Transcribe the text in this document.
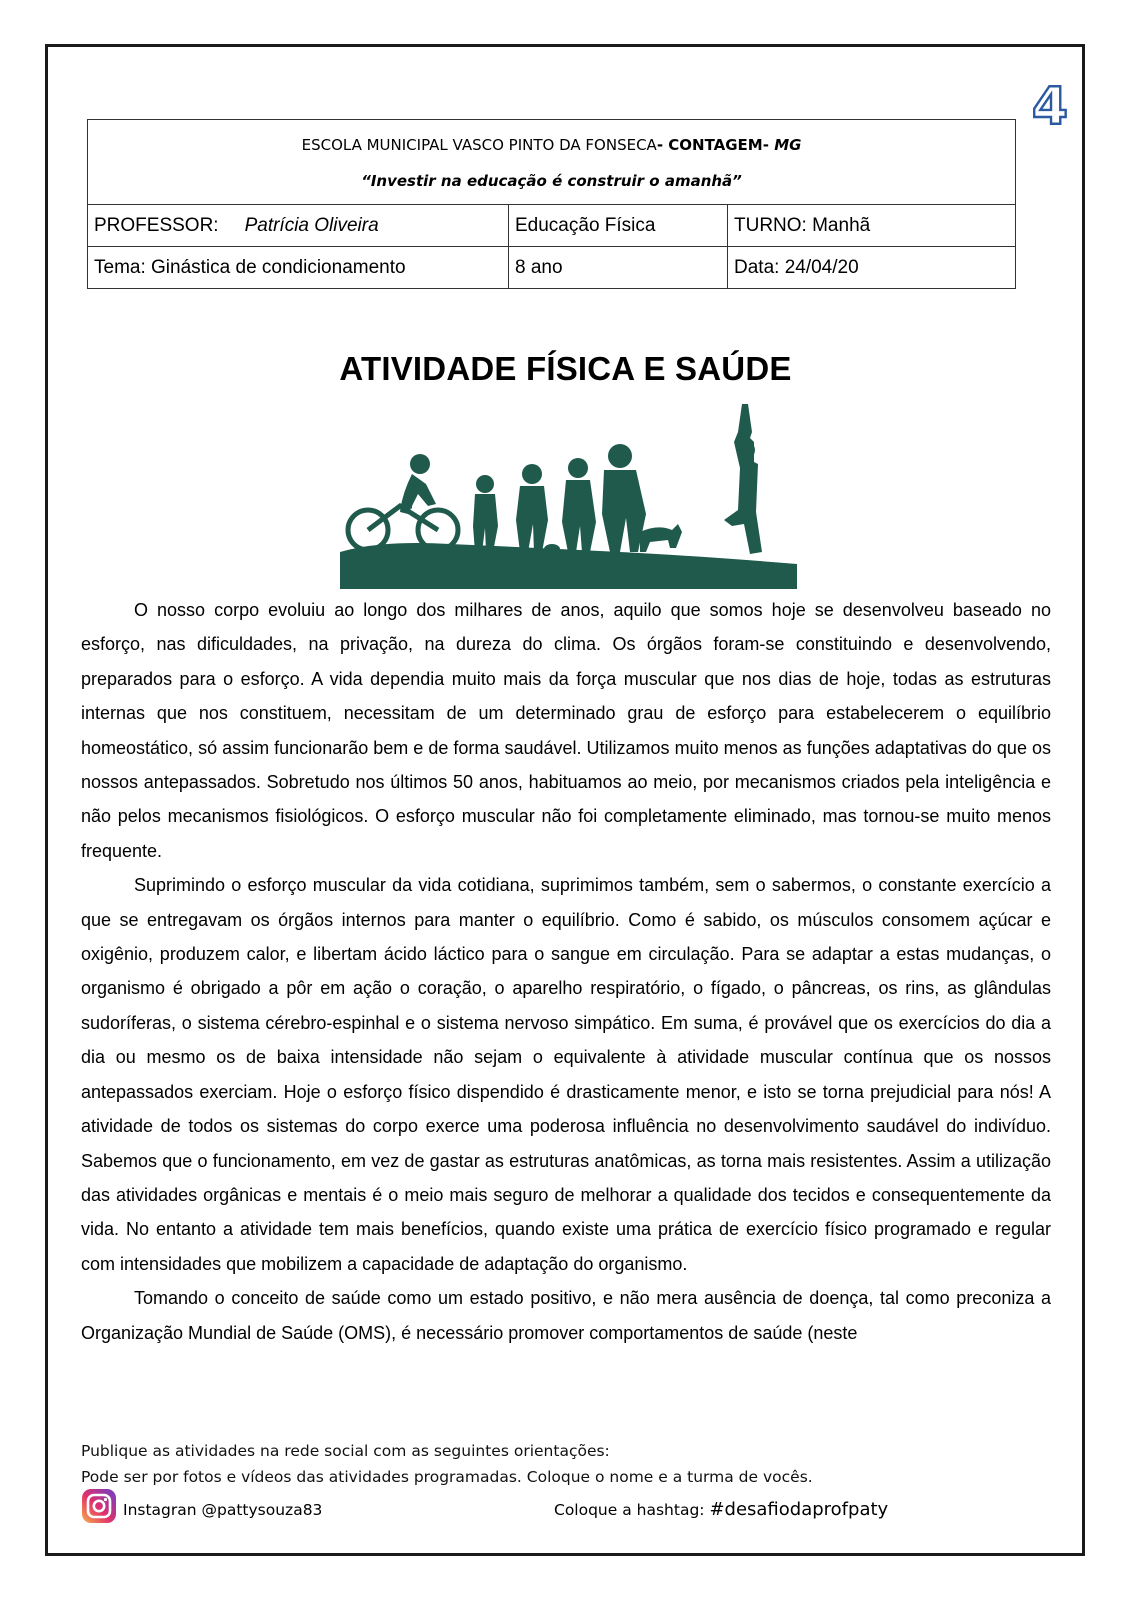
4
ESCOLA MUNICIPAL VASCO PINTO DA FONSECA- CONTAGEM- MG
“Investir na educação é construir o amanhã”		

PROFESSOR: Patrícia Oliveira	Educação Física	TURNO: Manhã
Tema: Ginástica de condicionamento	8 ano	Data: 24/04/20
ATIVIDADE FÍSICA E SAÚDE

O nosso corpo evoluiu ao longo dos milhares de anos, aquilo que somos hoje se desenvolveu baseado no esforço, nas dificuldades, na privação, na dureza do clima. Os órgãos foram-se constituindo e desenvolvendo, preparados para o esforço. A vida dependia muito mais da força muscular que nos dias de hoje, todas as estruturas internas que nos constituem, necessitam de um determinado grau de esforço para estabelecerem o equilíbrio homeostático, só assim funcionarão bem e de forma saudável. Utilizamos muito menos as funções adaptativas do que os nossos antepassados. Sobretudo nos últimos 50 anos, habituamos ao meio, por mecanismos criados pela inteligência e não pelos mecanismos fisiológicos. O esforço muscular não foi completamente eliminado, mas tornou-se muito menos frequente.

Suprimindo o esforço muscular da vida cotidiana, suprimimos também, sem o sabermos, o constante exercício a que se entregavam os órgãos internos para manter o equilíbrio. Como é sabido, os músculos consomem açúcar e oxigênio, produzem calor, e libertam ácido láctico para o sangue em circulação. Para se adaptar a estas mudanças, o organismo é obrigado a pôr em ação o coração, o aparelho respiratório, o fígado, o pâncreas, os rins, as glândulas sudoríferas, o sistema cérebro-espinhal e o sistema nervoso simpático. Em suma, é provável que os exercícios do dia a dia ou mesmo os de baixa intensidade não sejam o equivalente à atividade muscular contínua que os nossos antepassados exerciam. Hoje o esforço físico dispendido é drasticamente menor, e isto se torna prejudicial para nós! A atividade de todos os sistemas do corpo exerce uma poderosa influência no desenvolvimento saudável do indivíduo. Sabemos que o funcionamento, em vez de gastar as estruturas anatômicas, as torna mais resistentes. Assim a utilização das atividades orgânicas e mentais é o meio mais seguro de melhorar a qualidade dos tecidos e consequentemente da vida. No entanto a atividade tem mais benefícios, quando existe uma prática de exercício físico programado e regular com intensidades que mobilizem a capacidade de adaptação do organismo.

Tomando o conceito de saúde como um estado positivo, e não mera ausência de doença, tal como preconiza a Organização Mundial de Saúde (OMS), é necessário promover comportamentos de saúde (neste

Publique as atividades na rede social com as seguintes orientações:
Pode ser por fotos e vídeos das atividades programadas. Coloque o nome e a turma de vocês.
Instagran @pattysouza83	Coloque a hashtag: #desafiodaprofpaty
